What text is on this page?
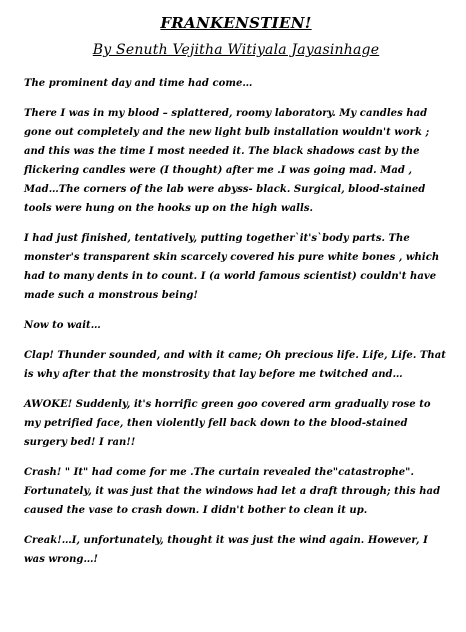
FRANKENSTIEN!
By Senuth Vejitha Witiyala Jayasinhage

The prominent day and time had come…

There I was in my blood – splattered, roomy laboratory. My candles had gone out completely and the new light bulb installation wouldn't work ; and this was the time I most needed it. The black shadows cast by the flickering candles were (I thought) after me .I was going mad. Mad , Mad…The corners of the lab were abyss- black. Surgical, blood-stained tools were hung on the hooks up on the high walls.

I had just finished, tentatively, putting together`it's`body parts. The monster's transparent skin scarcely covered his pure white bones , which had to many dents in to count. I (a world famous scientist) couldn't have made such a monstrous being!

Now to wait…

Clap! Thunder sounded, and with it came; Oh precious life. Life, Life. That is why after that the monstrosity that lay before me twitched and…

AWOKE! Suddenly, it's horrific green goo covered arm gradually rose to my petrified face, then violently fell back down to the blood-stained surgery bed! I ran!!

Crash! " It" had come for me .The curtain revealed the"catastrophe". Fortunately, it was just that the windows had let a draft through; this had caused the vase to crash down. I didn't bother to clean it up.

Creak!…I, unfortunately, thought it was just the wind again. However, I was wrong…!
